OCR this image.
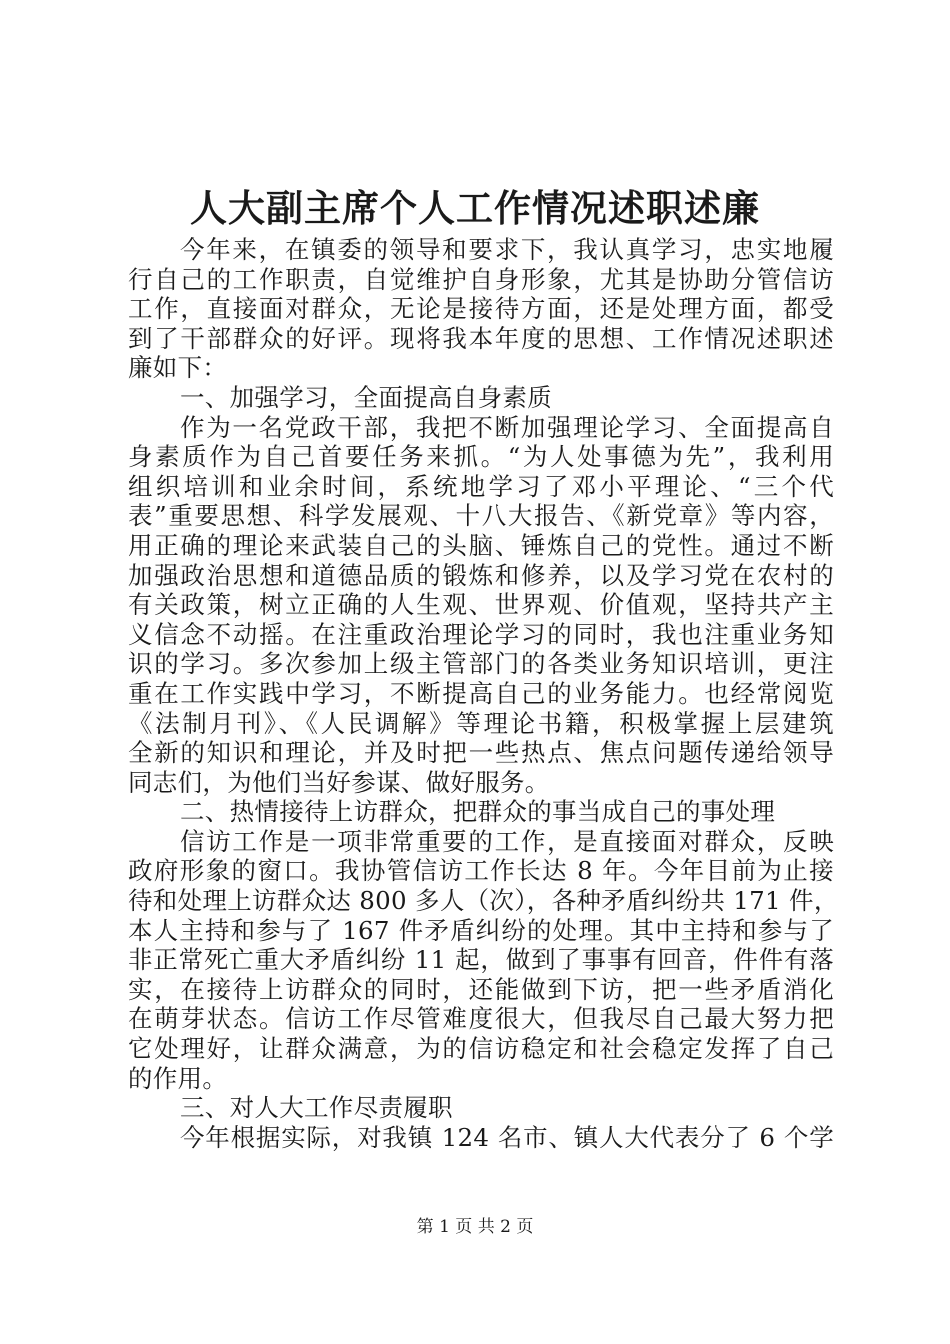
人大副主席个人工作情况述职述廉
今年来，在镇委的领导和要求下，我认真学习，忠实地履
行自己的工作职责，自觉维护自身形象，尤其是协助分管信访
工作，直接面对群众，无论是接待方面，还是处理方面，都受
到了干部群众的好评。现将我本年度的思想、工作情况述职述
廉如下：
一、加强学习，全面提高自身素质
作为一名党政干部，我把不断加强理论学习、全面提高自
身素质作为自己首要任务来抓。“为人处事德为先”，我利用
组织培训和业余时间，系统地学习了邓小平理论、“三个代
表”重要思想、科学发展观、十八大报告、《新党章》等内容，
用正确的理论来武装自己的头脑、锤炼自己的党性。通过不断
加强政治思想和道德品质的锻炼和修养，以及学习党在农村的
有关政策，树立正确的人生观、世界观、价值观，坚持共产主
义信念不动摇。在注重政治理论学习的同时，我也注重业务知
识的学习。多次参加上级主管部门的各类业务知识培训，更注
重在工作实践中学习，不断提高自己的业务能力。也经常阅览
《法制月刊》、《人民调解》等理论书籍，积极掌握上层建筑
全新的知识和理论，并及时把一些热点、焦点问题传递给领导
同志们，为他们当好参谋、做好服务。
二、热情接待上访群众，把群众的事当成自己的事处理
信访工作是一项非常重要的工作，是直接面对群众，反映
政府形象的窗口。我协管信访工作长达 8 年。今年目前为止接
待和处理上访群众达 800 多人（次），各种矛盾纠纷共 171 件，
本人主持和参与了 167 件矛盾纠纷的处理。其中主持和参与了
非正常死亡重大矛盾纠纷 11 起，做到了事事有回音，件件有落
实，在接待上访群众的同时，还能做到下访，把一些矛盾消化
在萌芽状态。信访工作尽管难度很大，但我尽自己最大努力把
它处理好，让群众满意，为的信访稳定和社会稳定发挥了自己
的作用。
三、对人大工作尽责履职
今年根据实际，对我镇 124 名市、镇人大代表分了 6 个学
第 1 页 共 2 页
